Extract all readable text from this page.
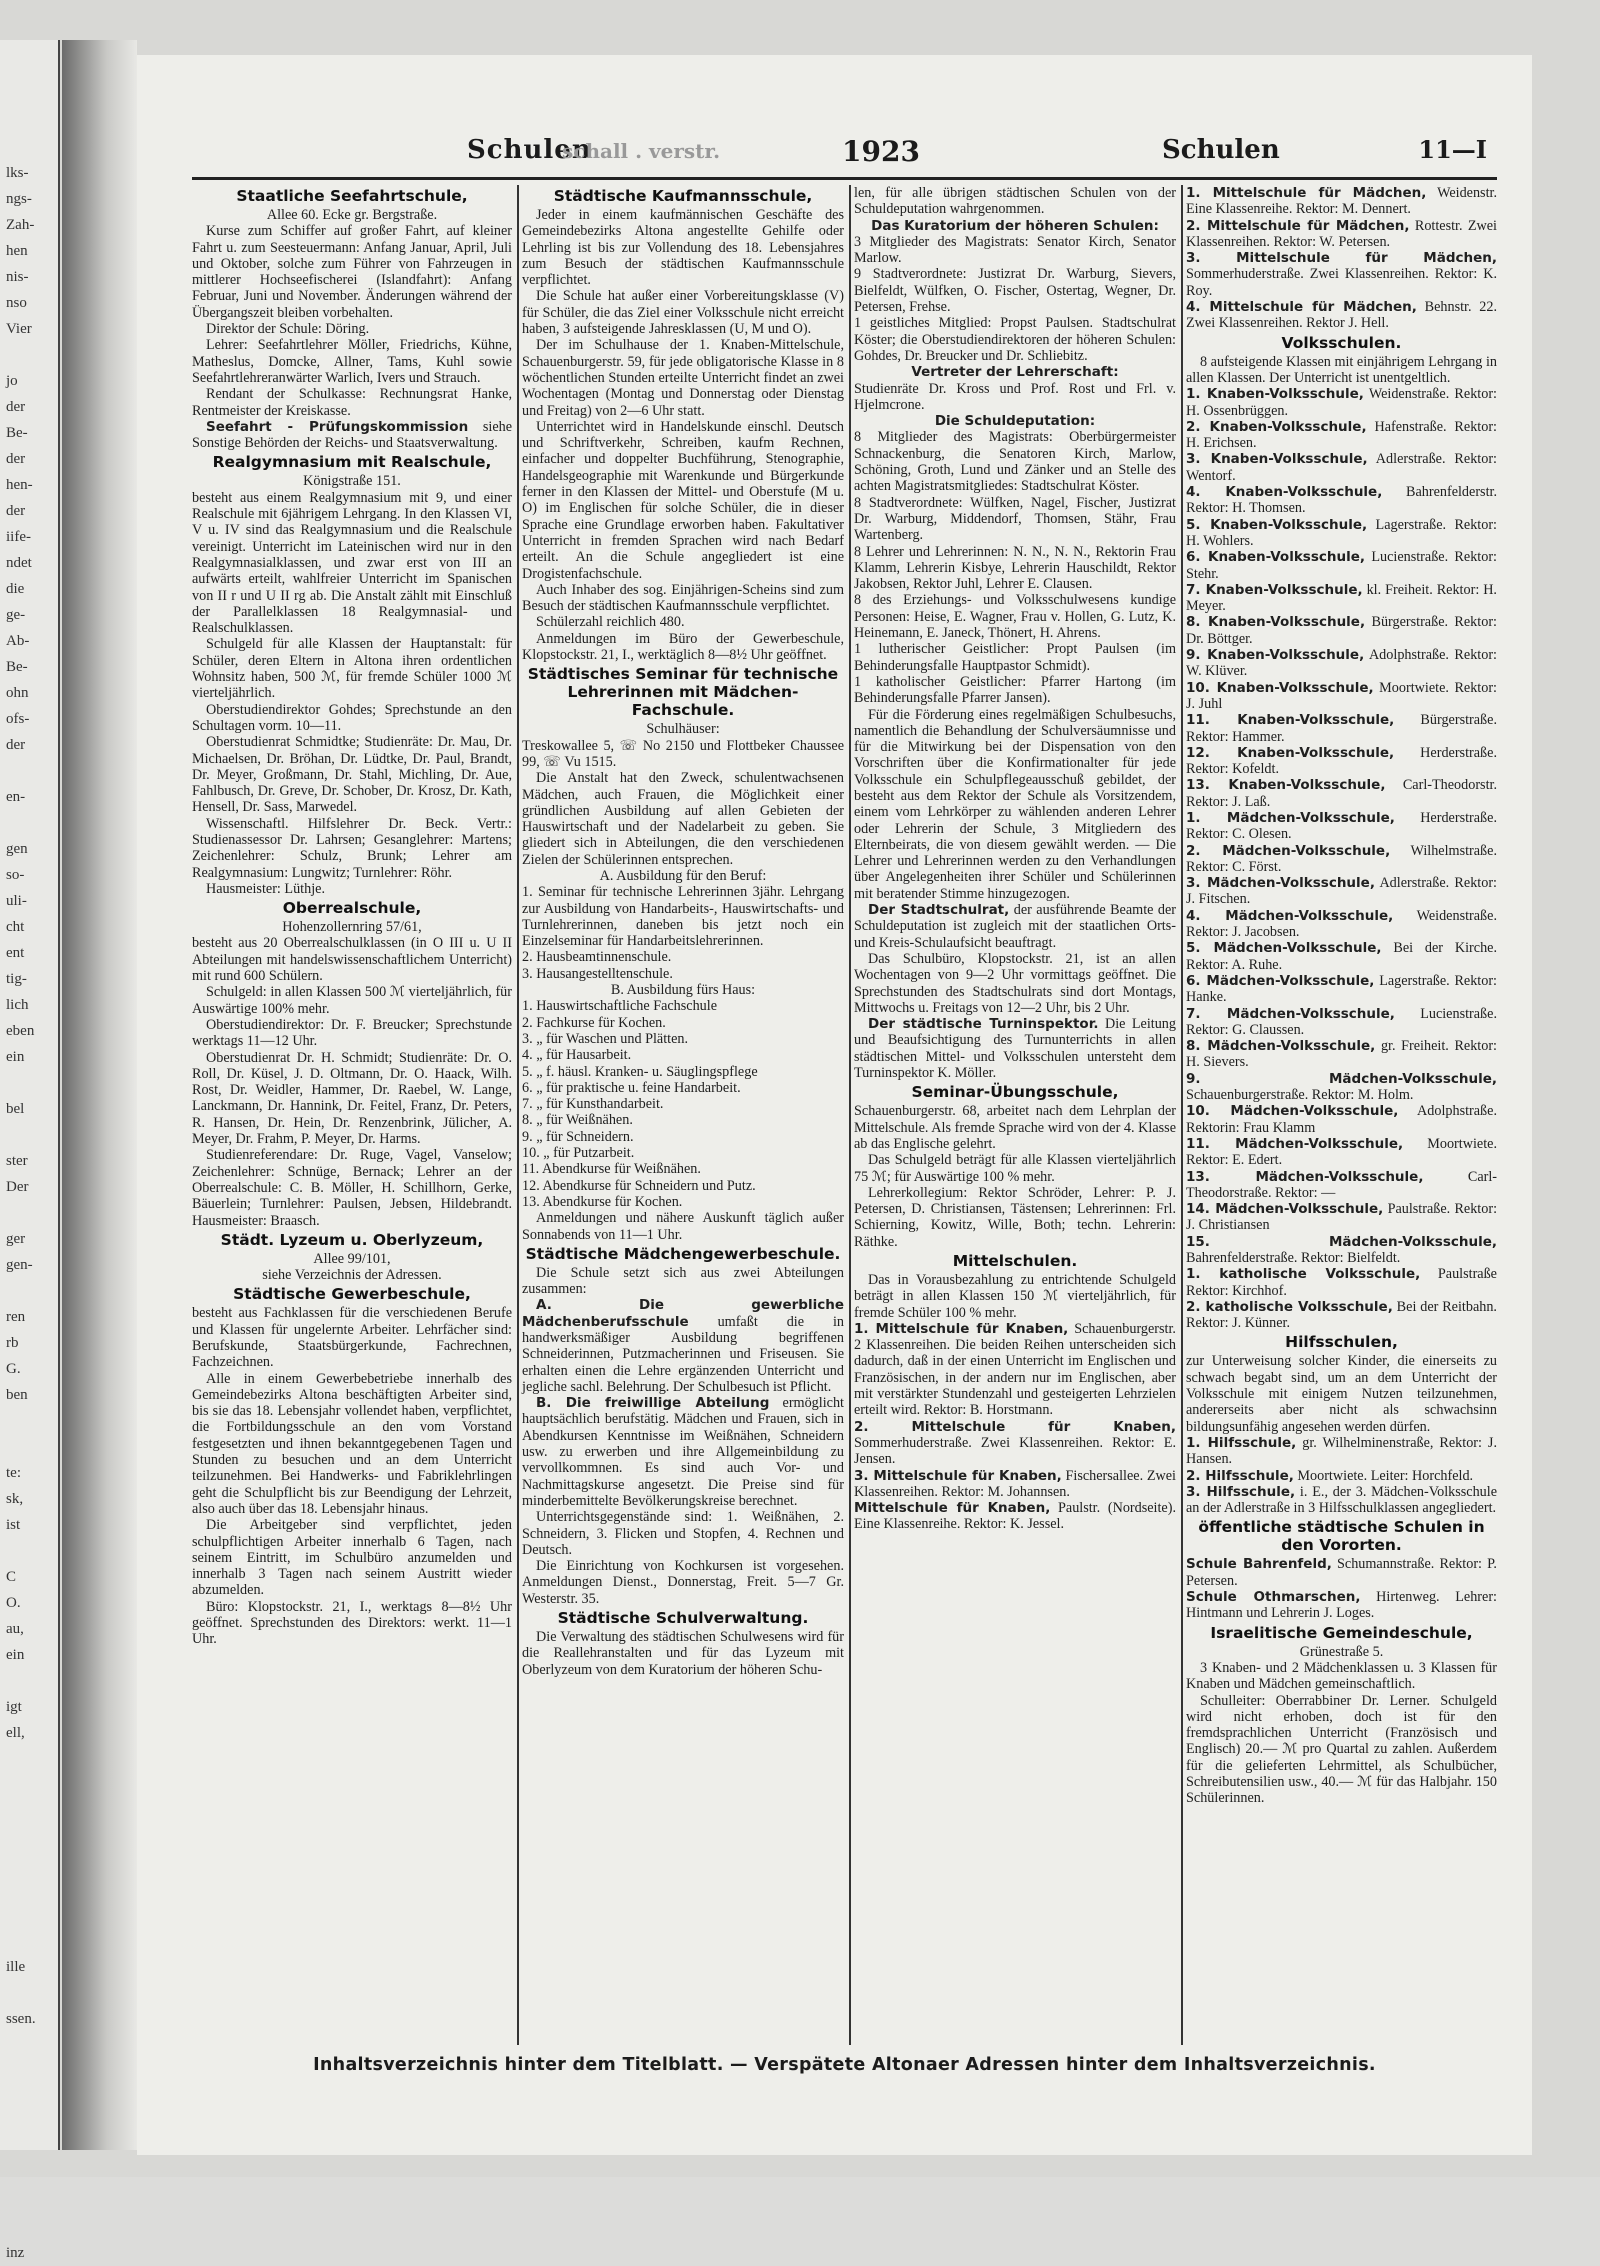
lks-
ngs-
Zah-
hen
nis-
nso
Vier

jo
der
Be-
der
hen-
der
iife-
ndet
die
ge-
Ab-
Be-
ohn
ofs-
der

en-

gen
so-
uli-
cht
ent
tig-
lich
eben
ein

bel

ster
Der

ger
gen-

ren
rb
G.
ben

te:
sk,
ist

C
O.
au,
ein

igt
ell,

ille

ssen.

inz
Schulen
schall . verstr.	1923	Schulen	11—I
Staatliche Seefahrtschule,

Allee 60. Ecke gr. Bergstraße.

Kurse zum Schiffer auf großer Fahrt, auf kleiner Fahrt u. zum Seesteuermann: Anfang Januar, April, Juli und Oktober, solche zum Führer von Fahrzeugen in mittlerer Hochseefischerei (Islandfahrt): Anfang Februar, Juni und November. Änderungen während der Übergangszeit bleiben vorbehalten.

Direktor der Schule: Döring.

Lehrer: Seefahrtlehrer Möller, Friedrichs, Kühne, Matheslus, Domcke, Allner, Tams, Kuhl sowie Seefahrtlehreranwärter Warlich, Ivers und Strauch.

Rendant der Schulkasse: Rechnungsrat Hanke, Rentmeister der Kreiskasse.

Seefahrt - Prüfungskommission siehe Sonstige Behörden der Reichs- und Staatsverwaltung.

Realgymnasium mit Realschule,

Königstraße 151.

besteht aus einem Realgymnasium mit 9, und einer Realschule mit 6jährigem Lehrgang. In den Klassen VI, V u. IV sind das Realgymnasium und die Realschule vereinigt. Unterricht im Lateinischen wird nur in den Realgymnasialklassen, und zwar erst von III an aufwärts erteilt, wahlfreier Unterricht im Spanischen von II r und U II rg ab. Die Anstalt zählt mit Einschluß der Parallelklassen 18 Realgymnasial- und Realschulklassen.

Schulgeld für alle Klassen der Hauptanstalt: für Schüler, deren Eltern in Altona ihren ordentlichen Wohnsitz haben, 500 ℳ, für fremde Schüler 1000 ℳ vierteljährlich.

Oberstudiendirektor Gohdes; Sprechstunde an den Schultagen vorm. 10—11.

Oberstudienrat Schmidtke; Studienräte: Dr. Mau, Dr. Michaelsen, Dr. Bröhan, Dr. Lüdtke, Dr. Paul, Brandt, Dr. Meyer, Großmann, Dr. Stahl, Michling, Dr. Aue, Fahlbusch, Dr. Greve, Dr. Schober, Dr. Krosz, Dr. Kath, Hensell, Dr. Sass, Marwedel.

Wissenschaftl. Hilfslehrer Dr. Beck. Vertr.: Studienassessor Dr. Lahrsen; Gesanglehrer: Martens; Zeichenlehrer: Schulz, Brunk; Lehrer am Realgymnasium: Lungwitz; Turnlehrer: Röhr.

Hausmeister: Lüthje.

Oberrealschule,

Hohenzollernring 57/61,

besteht aus 20 Oberrealschulklassen (in O III u. U II Abteilungen mit handelswissenschaftlichem Unterricht) mit rund 600 Schülern.

Schulgeld: in allen Klassen 500 ℳ vierteljährlich, für Auswärtige 100% mehr.

Oberstudiendirektor: Dr. F. Breucker; Sprechstunde werktags 11—12 Uhr.

Oberstudienrat Dr. H. Schmidt; Studienräte: Dr. O. Roll, Dr. Küsel, J. D. Oltmann, Dr. O. Haack, Wilh. Rost, Dr. Weidler, Hammer, Dr. Raebel, W. Lange, Lanckmann, Dr. Hannink, Dr. Feitel, Franz, Dr. Peters, R. Hansen, Dr. Hein, Dr. Renzenbrink, Jülicher, A. Meyer, Dr. Frahm, P. Meyer, Dr. Harms.

Studienreferendare: Dr. Ruge, Vagel, Vanselow; Zeichenlehrer: Schnüge, Bernack; Lehrer an der Oberrealschule: C. B. Möller, H. Schillhorn, Gerke, Bäuerlein; Turnlehrer: Paulsen, Jebsen, Hildebrandt. Hausmeister: Braasch.

Städt. Lyzeum u. Oberlyzeum,

Allee 99/101,

siehe Verzeichnis der Adressen.

Städtische Gewerbeschule,

besteht aus Fachklassen für die verschiedenen Berufe und Klassen für ungelernte Arbeiter. Lehrfächer sind: Berufskunde, Staatsbürgerkunde, Fachrechnen, Fachzeichnen.

Alle in einem Gewerbebetriebe innerhalb des Gemeindebezirks Altona beschäftigten Arbeiter sind, bis sie das 18. Lebensjahr vollendet haben, verpflichtet, die Fortbildungsschule an den vom Vorstand festgesetzten und ihnen bekanntgegebenen Tagen und Stunden zu besuchen und an dem Unterricht teilzunehmen. Bei Handwerks- und Fabriklehrlingen geht die Schulpflicht bis zur Beendigung der Lehrzeit, also auch über das 18. Lebensjahr hinaus.

Die Arbeitgeber sind verpflichtet, jeden schulpflichtigen Arbeiter innerhalb 6 Tagen, nach seinem Eintritt, im Schulbüro anzumelden und innerhalb 3 Tagen nach seinem Austritt wieder abzumelden.

Büro: Klopstockstr. 21, I., werktags 8—8½ Uhr geöffnet. Sprechstunden des Direktors: werkt. 11—1 Uhr.

Städtische Kaufmannsschule,

Jeder in einem kaufmännischen Geschäfte des Gemeindebezirks Altona angestellte Gehilfe oder Lehrling ist bis zur Vollendung des 18. Lebensjahres zum Besuch der städtischen Kaufmannsschule verpflichtet.

Die Schule hat außer einer Vorbereitungsklasse (V) für Schüler, die das Ziel einer Volksschule nicht erreicht haben, 3 aufsteigende Jahresklassen (U, M und O).

Der im Schulhause der 1. Knaben-Mittelschule, Schauenburgerstr. 59, für jede obligatorische Klasse in 8 wöchentlichen Stunden erteilte Unterricht findet an zwei Wochentagen (Montag und Donnerstag oder Dienstag und Freitag) von 2—6 Uhr statt.

Unterrichtet wird in Handelskunde einschl. Deutsch und Schriftverkehr, Schreiben, kaufm Rechnen, einfacher und doppelter Buchführung, Stenographie, Handelsgeographie mit Warenkunde und Bürgerkunde ferner in den Klassen der Mittel- und Oberstufe (M u. O) im Englischen für solche Schüler, die in dieser Sprache eine Grundlage erworben haben. Fakultativer Unterricht in fremden Sprachen wird nach Bedarf erteilt. An die Schule angegliedert ist eine Drogistenfachschule.

Auch Inhaber des sog. Einjährigen-Scheins sind zum Besuch der städtischen Kaufmannsschule verpflichtet.

Schülerzahl reichlich 480.

Anmeldungen im Büro der Gewerbeschule, Klopstockstr. 21, I., werktäglich 8—8½ Uhr geöffnet.

Städtisches Seminar für technische Lehrerinnen mit Mädchen-Fachschule.

Schulhäuser:

Treskowallee 5, ☏ No 2150 und Flottbeker Chaussee 99, ☏ Vu 1515.

Die Anstalt hat den Zweck, schulentwachsenen Mädchen, auch Frauen, die Möglichkeit einer gründlichen Ausbildung auf allen Gebieten der Hauswirtschaft und der Nadelarbeit zu geben. Sie gliedert sich in Abteilungen, die den verschiedenen Zielen der Schülerinnen entsprechen.

A. Ausbildung für den Beruf:

1. Seminar für technische Lehrerinnen 3jähr. Lehrgang zur Ausbildung von Handarbeits-, Hauswirtschafts- und Turnlehrerinnen, daneben bis jetzt noch ein Einzelseminar für Handarbeitslehrerinnen.

2. Hausbeamtinnenschule.

3. Hausangestelltenschule.

B. Ausbildung fürs Haus:

1. Hauswirtschaftliche Fachschule

2. Fachkurse für Kochen.

3. „ für Waschen und Plätten.

4. „ für Hausarbeit.

5. „ f. häusl. Kranken- u. Säuglingspflege

6. „ für praktische u. feine Handarbeit.

7. „ für Kunsthandarbeit.

8. „ für Weißnähen.

9. „ für Schneidern.

10. „ für Putzarbeit.

11. Abendkurse für Weißnähen.

12. Abendkurse für Schneidern und Putz.

13. Abendkurse für Kochen.

Anmeldungen und nähere Auskunft täglich außer Sonnabends von 11—1 Uhr.

Städtische Mädchengewerbeschule.

Die Schule setzt sich aus zwei Abteilungen zusammen:

A. Die gewerbliche Mädchenberufsschule umfaßt die in handwerksmäßiger Ausbildung begriffenen Schneiderinnen, Putzmacherinnen und Friseusen. Sie erhalten einen die Lehre ergänzenden Unterricht und jegliche sachl. Belehrung. Der Schulbesuch ist Pflicht.

B. Die freiwillige Abteilung ermöglicht hauptsächlich berufstätig. Mädchen und Frauen, sich in Abendkursen Kenntnisse im Weißnähen, Schneidern usw. zu erwerben und ihre Allgemeinbildung zu vervollkommnen. Es sind auch Vor- und Nachmittagskurse angesetzt. Die Preise sind für minderbemittelte Bevölkerungskreise berechnet.

Unterrichtsgegenstände sind: 1. Weißnähen, 2. Schneidern, 3. Flicken und Stopfen, 4. Rechnen und Deutsch.

Die Einrichtung von Kochkursen ist vorgesehen. Anmeldungen Dienst., Donnerstag, Freit. 5—7 Gr. Westerstr. 35.

Städtische Schulverwaltung.

Die Verwaltung des städtischen Schulwesens wird für die Reallehranstalten und für das Lyzeum mit Oberlyzeum von dem Kuratorium der höheren Schu-

len, für alle übrigen städtischen Schulen von der Schuldeputation wahrgenommen.

Das Kuratorium der höheren Schulen:

3 Mitglieder des Magistrats: Senator Kirch, Senator Marlow.

9 Stadtverordnete: Justizrat Dr. Warburg, Sievers, Bielfeldt, Wülfken, O. Fischer, Ostertag, Wegner, Dr. Petersen, Frehse.

1 geistliches Mitglied: Propst Paulsen. Stadtschulrat Köster; die Oberstudiendirektoren der höheren Schulen: Gohdes, Dr. Breucker und Dr. Schliebitz.

Vertreter der Lehrerschaft:

Studienräte Dr. Kross und Prof. Rost und Frl. v. Hjelmcrone.

Die Schuldeputation:

8 Mitglieder des Magistrats: Oberbürgermeister Schnackenburg, die Senatoren Kirch, Marlow, Schöning, Groth, Lund und Zänker und an Stelle des achten Magistratsmitgliedes: Stadtschulrat Köster.

8 Stadtverordnete: Wülfken, Nagel, Fischer, Justizrat Dr. Warburg, Middendorf, Thomsen, Stähr, Frau Wartenberg.

8 Lehrer und Lehrerinnen: N. N., N. N., Rektorin Frau Klamm, Lehrerin Kisbye, Lehrerin Hauschildt, Rektor Jakobsen, Rektor Juhl, Lehrer E. Clausen.

8 des Erziehungs- und Volksschulwesens kundige Personen: Heise, E. Wagner, Frau v. Hollen, G. Lutz, K. Heinemann, E. Janeck, Thönert, H. Ahrens.

1 lutherischer Geistlicher: Propt Paulsen (im Behinderungsfalle Hauptpastor Schmidt).

1 katholischer Geistlicher: Pfarrer Hartong (im Behinderungsfalle Pfarrer Jansen).

Für die Förderung eines regelmäßigen Schulbesuchs, namentlich die Behandlung der Schulversäumnisse und für die Mitwirkung bei der Dispensation von den Vorschriften über die Konfirmationalter für jede Volksschule ein Schulpflegeausschuß gebildet, der besteht aus dem Rektor der Schule als Vorsitzendem, einem vom Lehrkörper zu wählenden anderen Lehrer oder Lehrerin der Schule, 3 Mitgliedern des Elternbeirats, die von diesem gewählt werden. — Die Lehrer und Lehrerinnen werden zu den Verhandlungen über Angelegenheiten ihrer Schüler und Schülerinnen mit beratender Stimme hinzugezogen.

Der Stadtschulrat, der ausführende Beamte der Schuldeputation ist zugleich mit der staatlichen Orts- und Kreis-Schulaufsicht beauftragt.

Das Schulbüro, Klopstockstr. 21, ist an allen Wochentagen von 9—2 Uhr vormittags geöffnet. Die Sprechstunden des Stadtschulrats sind dort Montags, Mittwochs u. Freitags von 12—2 Uhr, bis 2 Uhr.

Der städtische Turninspektor. Die Leitung und Beaufsichtigung des Turnunterrichts in allen städtischen Mittel- und Volksschulen untersteht dem Turninspektor K. Möller.

Seminar-Übungsschule,

Schauenburgerstr. 68, arbeitet nach dem Lehrplan der Mittelschule. Als fremde Sprache wird von der 4. Klasse ab das Englische gelehrt.

Das Schulgeld beträgt für alle Klassen vierteljährlich 75 ℳ; für Auswärtige 100 % mehr.

Lehrerkollegium: Rektor Schröder, Lehrer: P. J. Petersen, D. Christiansen, Tästensen; Lehrerinnen: Frl. Schierning, Kowitz, Wille, Both; techn. Lehrerin: Räthke.

Mittelschulen.

Das in Vorausbezahlung zu entrichtende Schulgeld beträgt in allen Klassen 150 ℳ vierteljährlich, für fremde Schüler 100 % mehr.

1. Mittelschule für Knaben, Schauenburgerstr. 2 Klassenreihen. Die beiden Reihen unterscheiden sich dadurch, daß in der einen Unterricht im Englischen und Französischen, in der andern nur im Englischen, aber mit verstärkter Stundenzahl und gesteigerten Lehrzielen erteilt wird. Rektor: B. Horstmann.

2. Mittelschule für Knaben, Sommerhuderstraße. Zwei Klassenreihen. Rektor: E. Jensen.

3. Mittelschule für Knaben, Fischersallee. Zwei Klassenreihen. Rektor: M. Johannsen.

Mittelschule für Knaben, Paulstr. (Nordseite). Eine Klassenreihe. Rektor: K. Jessel.

1. Mittelschule für Mädchen, Weidenstr. Eine Klassenreihe. Rektor: M. Dennert.

2. Mittelschule für Mädchen, Rottestr. Zwei Klassenreihen. Rektor: W. Petersen.

3. Mittelschule für Mädchen, Sommerhuderstraße. Zwei Klassenreihen. Rektor: K. Roy.

4. Mittelschule für Mädchen, Behnstr. 22. Zwei Klassenreihen. Rektor J. Hell.

Volksschulen.

8 aufsteigende Klassen mit einjährigem Lehrgang in allen Klassen. Der Unterricht ist unentgeltlich.

1. Knaben-Volksschule, Weidenstraße. Rektor: H. Ossenbrüggen.

2. Knaben-Volksschule, Hafenstraße. Rektor: H. Erichsen.

3. Knaben-Volksschule, Adlerstraße. Rektor: Wentorf.

4. Knaben-Volksschule, Bahrenfelderstr. Rektor: H. Thomsen.

5. Knaben-Volksschule, Lagerstraße. Rektor: H. Wohlers.

6. Knaben-Volksschule, Lucienstraße. Rektor: Stehr.

7. Knaben-Volksschule, kl. Freiheit. Rektor: H. Meyer.

8. Knaben-Volksschule, Bürgerstraße. Rektor: Dr. Böttger.

9. Knaben-Volksschule, Adolphstraße. Rektor: W. Klüver.

10. Knaben-Volksschule, Moortwiete. Rektor: J. Juhl

11. Knaben-Volksschule, Bürgerstraße. Rektor: Hammer.

12. Knaben-Volksschule, Herderstraße. Rektor: Kofeldt.

13. Knaben-Volksschule, Carl-Theodorstr. Rektor: J. Laß.

1. Mädchen-Volksschule, Herderstraße. Rektor: C. Olesen.

2. Mädchen-Volksschule, Wilhelmstraße. Rektor: C. Först.

3. Mädchen-Volksschule, Adlerstraße. Rektor: J. Fitschen.

4. Mädchen-Volksschule, Weidenstraße. Rektor: J. Jacobsen.

5. Mädchen-Volksschule, Bei der Kirche. Rektor: A. Ruhe.

6. Mädchen-Volksschule, Lagerstraße. Rektor: Hanke.

7. Mädchen-Volksschule, Lucienstraße. Rektor: G. Claussen.

8. Mädchen-Volksschule, gr. Freiheit. Rektor: H. Sievers.

9. Mädchen-Volksschule, Schauenburgerstraße. Rektor: M. Holm.

10. Mädchen-Volksschule, Adolphstraße. Rektorin: Frau Klamm

11. Mädchen-Volksschule, Moortwiete. Rektor: E. Edert.

13. Mädchen-Volksschule, Carl-Theodorstraße. Rektor: —

14. Mädchen-Volksschule, Paulstraße. Rektor: J. Christiansen

15. Mädchen-Volksschule, Bahrenfelderstraße. Rektor: Bielfeldt.

1. katholische Volksschule, Paulstraße Rektor: Kirchhof.

2. katholische Volksschule, Bei der Reitbahn. Rektor: J. Künner.

Hilfsschulen,

zur Unterweisung solcher Kinder, die einerseits zu schwach begabt sind, um an dem Unterricht der Volksschule mit einigem Nutzen teilzunehmen, andererseits aber nicht als schwachsinn bildungsunfähig angesehen werden dürfen.

1. Hilfsschule, gr. Wilhelminenstraße, Rektor: J. Hansen.

2. Hilfsschule, Moortwiete. Leiter: Horchfeld.

3. Hilfsschule, i. E., der 3. Mädchen-Volksschule an der Adlerstraße in 3 Hilfsschulklassen angegliedert.

öffentliche städtische Schulen in den Vororten.

Schule Bahrenfeld, Schumannstraße. Rektor: P. Petersen.

Schule Othmarschen, Hirtenweg. Lehrer: Hintmann und Lehrerin J. Loges.

Israelitische Gemeindeschule,

Grünestraße 5.

3 Knaben- und 2 Mädchenklassen u. 3 Klassen für Knaben und Mädchen gemeinschaftlich.

Schulleiter: Oberrabbiner Dr. Lerner. Schulgeld wird nicht erhoben, doch ist für den fremdsprachlichen Unterricht (Französisch und Englisch) 20.— ℳ pro Quartal zu zahlen. Außerdem für die gelieferten Lehrmittel, als Schulbücher, Schreibutensilien usw., 40.— ℳ für das Halbjahr. 150 Schülerinnen.

Inhaltsverzeichnis hinter dem Titelblatt. — Verspätete Altonaer Adressen hinter dem Inhaltsverzeichnis.
